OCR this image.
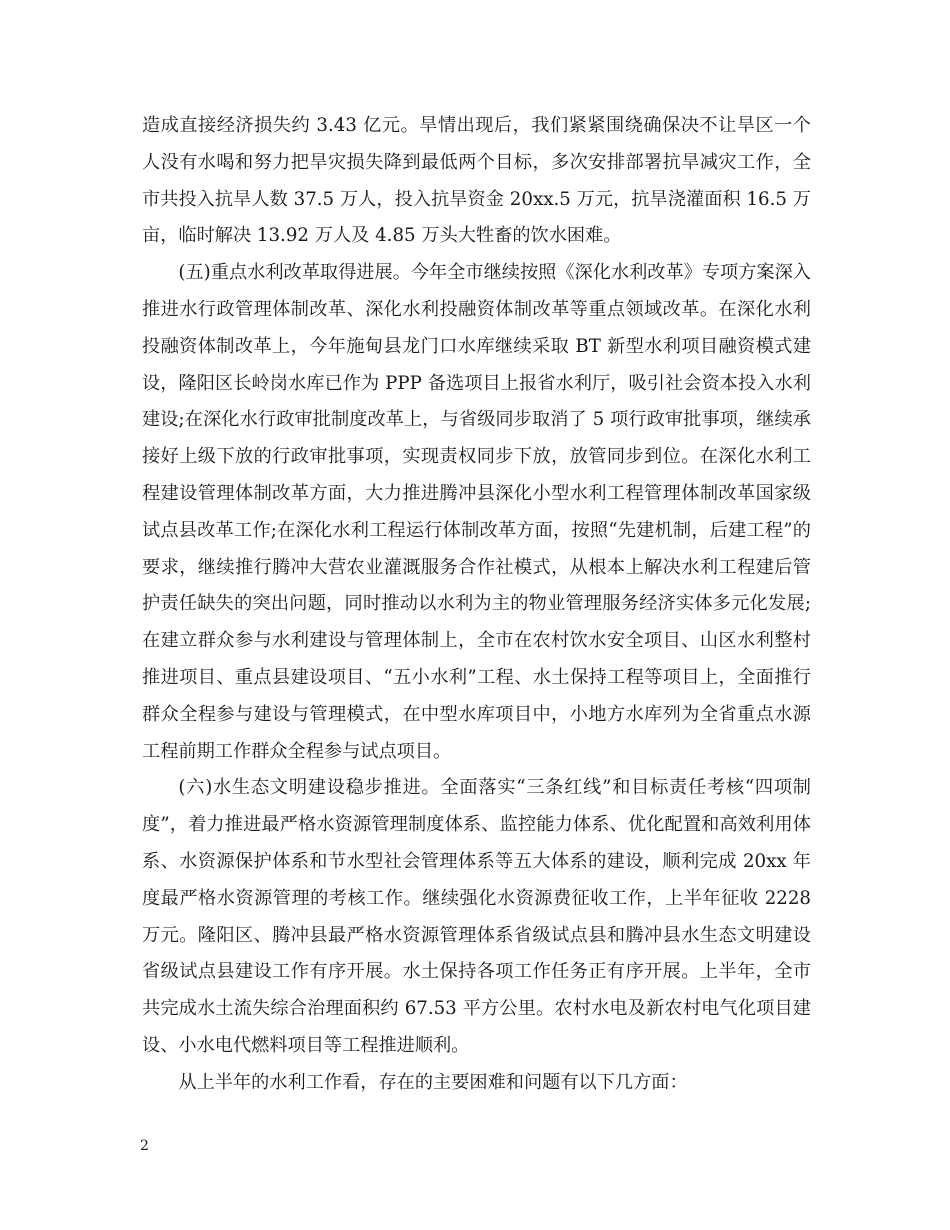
造成直接经济损失约 3.43 亿元。旱情出现后，我们紧紧围绕确保决不让旱区一个人没有水喝和努力把旱灾损失降到最低两个目标，多次安排部署抗旱减灾工作，全市共投入抗旱人数 37.5 万人，投入抗旱资金 20xx.5 万元，抗旱浇灌面积 16.5 万亩，临时解决 13.92 万人及 4.85 万头大牲畜的饮水困难。

(五)重点水利改革取得进展。今年全市继续按照《深化水利改革》专项方案深入推进水行政管理体制改革、深化水利投融资体制改革等重点领域改革。在深化水利投融资体制改革上，今年施甸县龙门口水库继续采取 BT 新型水利项目融资模式建设，隆阳区长岭岗水库已作为 PPP 备选项目上报省水利厅，吸引社会资本投入水利建设;在深化水行政审批制度改革上，与省级同步取消了 5 项行政审批事项，继续承接好上级下放的行政审批事项，实现责权同步下放，放管同步到位。在深化水利工程建设管理体制改革方面，大力推进腾冲县深化小型水利工程管理体制改革国家级试点县改革工作;在深化水利工程运行体制改革方面，按照“先建机制，后建工程”的要求，继续推行腾冲大营农业灌溉服务合作社模式，从根本上解决水利工程建后管护责任缺失的突出问题，同时推动以水利为主的物业管理服务经济实体多元化发展;在建立群众参与水利建设与管理体制上，全市在农村饮水安全项目、山区水利整村推进项目、重点县建设项目、“五小水利”工程、水土保持工程等项目上，全面推行群众全程参与建设与管理模式，在中型水库项目中，小地方水库列为全省重点水源工程前期工作群众全程参与试点项目。

(六)水生态文明建设稳步推进。全面落实“三条红线”和目标责任考核“四项制度”，着力推进最严格水资源管理制度体系、监控能力体系、优化配置和高效利用体系、水资源保护体系和节水型社会管理体系等五大体系的建设，顺利完成 20xx 年度最严格水资源管理的考核工作。继续强化水资源费征收工作，上半年征收 2228 万元。隆阳区、腾冲县最严格水资源管理体系省级试点县和腾冲县水生态文明建设省级试点县建设工作有序开展。水土保持各项工作任务正有序开展。上半年，全市共完成水土流失综合治理面积约 67.53 平方公里。农村水电及新农村电气化项目建设、小水电代燃料项目等工程推进顺利。

从上半年的水利工作看，存在的主要困难和问题有以下几方面：

2
